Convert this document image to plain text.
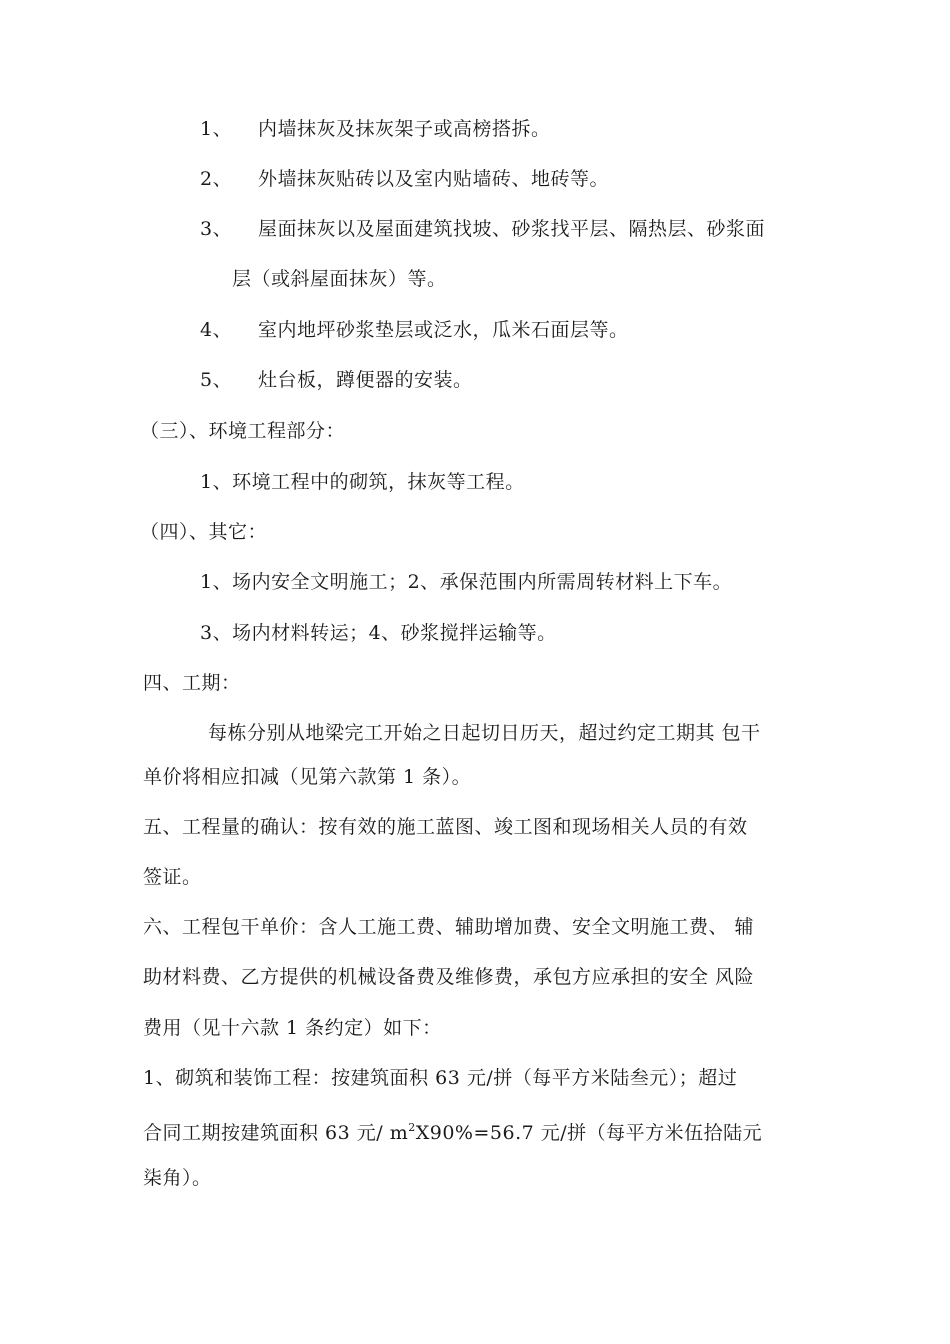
1、 内墙抹灰及抹灰架子或高榜搭拆。
2、 外墙抹灰贴砖以及室内贴墙砖、地砖等。
3、 屋面抹灰以及屋面建筑找坡、砂浆找平层、隔热层、砂浆面
层（或斜屋面抹灰）等。
4、 室内地坪砂浆垫层或泛水，瓜米石面层等。
5、 灶台板，蹲便器的安装。
（三）、环境工程部分：
1、环境工程中的砌筑，抹灰等工程。
（四）、其它：
1、场内安全文明施工；2、承保范围内所需周转材料上下车。
3、场内材料转运；4、砂浆搅拌运输等。
四、工期：
每栋分别从地梁完工开始之日起切日历天，超过约定工期其 包干
单价将相应扣减（见第六款第 1 条）。
五、工程量的确认：按有效的施工蓝图、竣工图和现场相关人员的有效
签证。
六、工程包干单价：含人工施工费、辅助增加费、安全文明施工费、 辅
助材料费、乙方提供的机械设备费及维修费，承包方应承担的安全 风险
费用（见十六款 1 条约定）如下：
1、砌筑和装饰工程：按建筑面积 63 元/拼（每平方米陆叁元）；超过
合同工期按建筑面积 63 元/ $m^2X90\%=56.7$ 元/拼（每平方米伍拾陆元
柒角）。
